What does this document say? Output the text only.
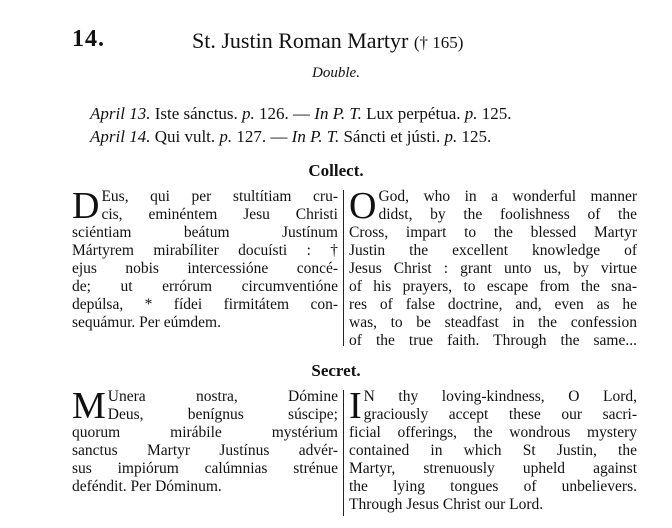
14.	St. Justin Roman Martyr († 165)
Double.
April 13. Iste sánctus. p. 126. — In P. T. Lux perpétua. p. 125.
April 14. Qui vult. p. 127. — In P. T. Sáncti et jústi. p. 125.
Collect.
D Eus, qui per stultítiam cru-
cis, eminéntem Jesu Christi
sciéntiam beátum Justínum
Mártyrem mirabíliter docuísti : †
ejus nobis intercessióne concé-
de; ut errórum circumventióne
depúlsa, * fídei firmitátem con-
sequámur. Per eúmdem.
O God, who in a wonderful manner
didst, by the foolishness of the
Cross, impart to the blessed Martyr
Justin the excellent knowledge of
Jesus Christ : grant unto us, by virtue
of his prayers, to escape from the sna-
res of false doctrine, and, even as he
was, to be steadfast in the confession
of the true faith. Through the same...
Secret.
M Unera nostra, Dómine
Deus, benígnus súscipe;
quorum mirábile mystérium
sanctus Martyr Justínus advér-
sus impiórum calúmnias strénue
deféndit. Per Dóminum.
I N thy loving-kindness, O Lord,
graciously accept these our sacri-
ficial offerings, the wondrous mystery
contained in which St Justin, the
Martyr, strenuously upheld against
the lying tongues of unbelievers.
Through Jesus Christ our Lord.
